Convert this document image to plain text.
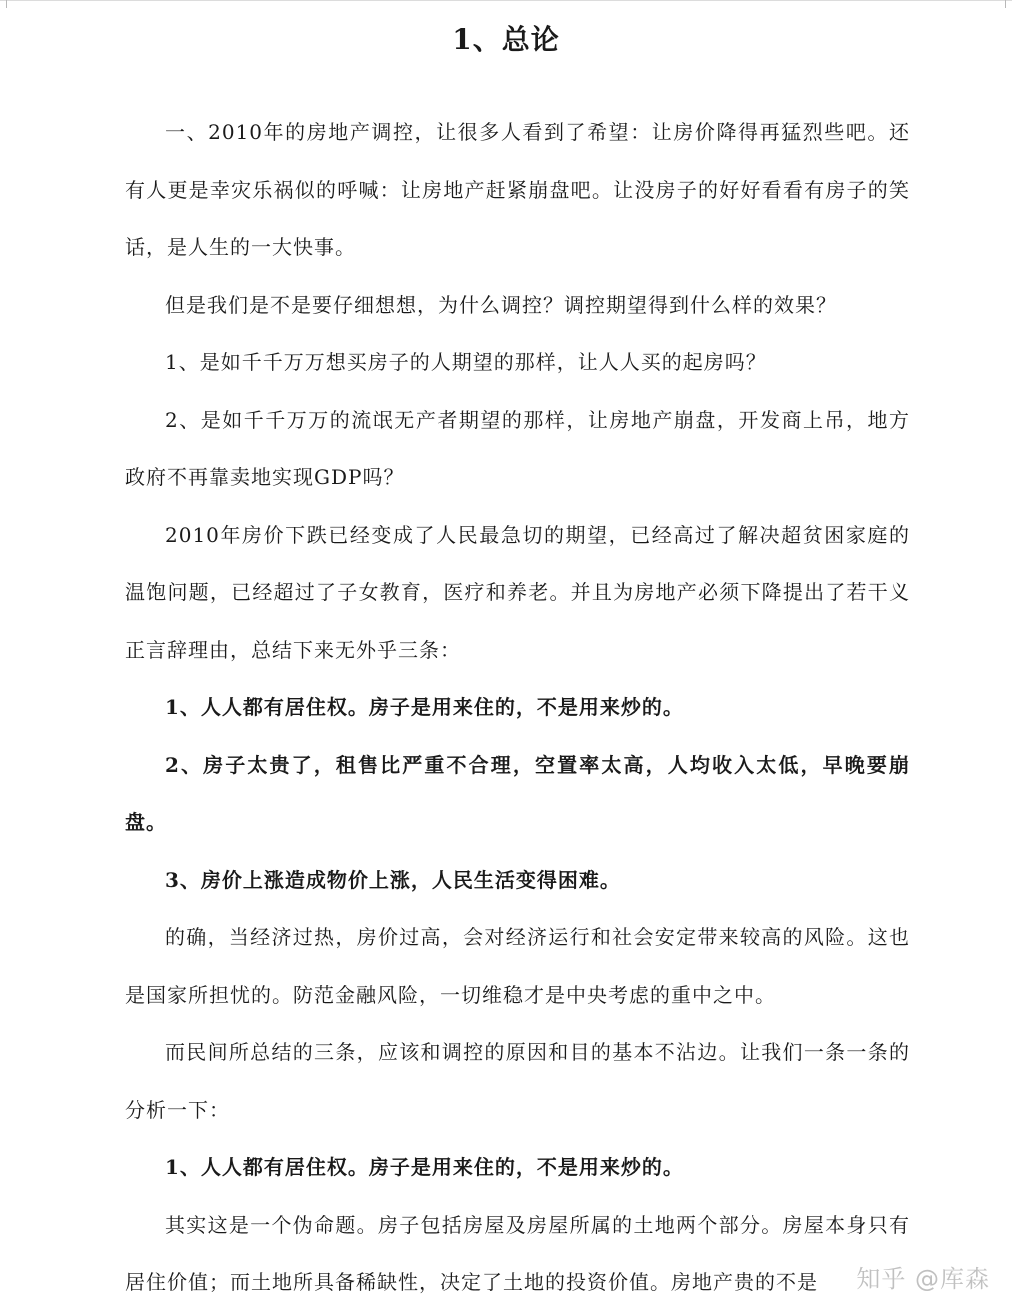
1、总论

一、2010年的房地产调控，让很多人看到了希望：让房价降得再猛烈些吧。还有人更是幸灾乐祸似的呼喊：让房地产赶紧崩盘吧。让没房子的好好看看有房子的笑话，是人生的一大快事。

但是我们是不是要仔细想想，为什么调控？调控期望得到什么样的效果？

1、是如千千万万想买房子的人期望的那样，让人人买的起房吗？

2、是如千千万万的流氓无产者期望的那样，让房地产崩盘，开发商上吊，地方政府不再靠卖地实现GDP吗？

2010年房价下跌已经变成了人民最急切的期望，已经高过了解决超贫困家庭的温饱问题，已经超过了子女教育，医疗和养老。并且为房地产必须下降提出了若干义正言辞理由，总结下来无外乎三条：

1、人人都有居住权。房子是用来住的，不是用来炒的。

2、房子太贵了，租售比严重不合理，空置率太高，人均收入太低，早晚要崩盘。

3、房价上涨造成物价上涨，人民生活变得困难。

的确，当经济过热，房价过高，会对经济运行和社会安定带来较高的风险。这也是国家所担忧的。防范金融风险，一切维稳才是中央考虑的重中之中。

而民间所总结的三条，应该和调控的原因和目的基本不沾边。让我们一条一条的分析一下：

1、人人都有居住权。房子是用来住的，不是用来炒的。

其实这是一个伪命题。房子包括房屋及房屋所属的土地两个部分。房屋本身只有居住价值；而土地所具备稀缺性，决定了土地的投资价值。房地产贵的不是	知乎 @库森
